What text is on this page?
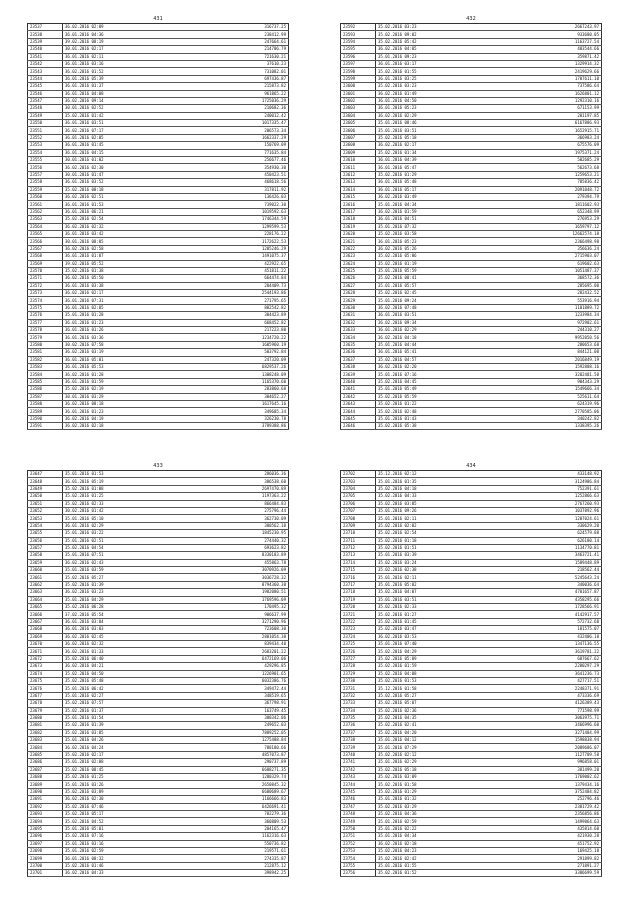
431
23537	36.02.2016 02:09	316737.25
23538	36.01.2016 04:36	238412.99
23539	39.02.2016 08:19	247664.61
23540	30.01.2016 02:17	214706.79
23541	36.01.2016 02:11	721630.21
23542	36.01.2016 03:16	37610.23
23543	36.02.2016 01:52	731082.01
23544	36.01.2016 05:39	697436.87
23545	36.01.2016 01:37	215873.82
23546	36.01.2016 04:08	961865.22
23547	36.02.2016 09:14	1725036.29
23548	30.01.2016 02:52	210682.36
23549	35.02.2016 01:42	240012.42
23550	36.01.2016 03:51	1017335.47
23551	36.02.2016 07:17	206573.34
23552	36.01.2016 02:05	1662337.29
23553	36.01.2016 01:45	150769.09
23554	36.01.2016 04:15	771635.84
23555	30.01.2016 01:02	256677.46
23556	36.02.2016 02:30	354930.30
23557	30.01.2016 01:47	450423.51
23558	36.01.2016 03:52	468618.56
23559	35.02.2016 08:18	317811.92
23560	36.02.2016 02:51	136426.03
23561	36.01.2016 01:53	739022.30
23562	36.01.2016 06:21	1019592.63
23563	35.02.2016 02:54	1746344.59
23564	36.02.2016 02:32	1299599.53
23565	36.01.2016 03:42	228176.22
23566	30.01.2016 08:05	1172622.53
23567	36.02.2016 02:58	1205246.29
23568	36.01.2016 01:07	1491075.37
23569	39.02.2016 05:52	422922.65
23570	35.02.2016 01:38	451811.22
23571	36.02.2016 05:50	664474.84
23572	36.01.2016 03:38	204409.73
23573	36.02.2016 02:17	2544193.86
23574	36.01.2016 07:31	271795.65
23575	36.01.2016 02:05	802542.82
23576	35.01.2016 01:28	304423.89
23577	36.01.2016 01:23	668452.82
23578	36.01.2016 01:26	217223.80
23579	36.01.2016 03:36	1234720.22
23580	30.02.2016 07:58	1605960.19
23581	36.02.2016 03:19	503792.84
23582	36.01.2016 05:01	247320.09
23583	36.01.2016 05:53	6829537.26
23584	36.02.2016 01:28	1308248.09
23585	36.01.2016 01:59	1165370.60
23586	35.02.2016 02:19	283860.68
23587	30.01.2016 03:29	304652.27
23588	36.02.2016 08:18	1617645.16
23589	36.01.2016 01:23	349605.34
23590	36.02.2016 04:19	326230.78
23591	36.02.2016 02:18	3789388.86
432
23592	35.02.2016 03:23	2667243.97
23593	35.02.2016 09:02	933680.05
23594	35.02.2016 05:42	1163727.54
23595	36.02.2016 04:05	403544.66
23596	35.01.2016 09:23	359871.42
23597	36.01.2016 03:17	1329914.32
23598	35.02.2016 01:55	2419629.66
23599	36.01.2016 03:25	1707611.10
23600	35.02.2016 03:23	737586.64
23601	36.02.2016 01:49	1626801.12
23602	36.01.2016 04:50	1292310.16
23603	36.01.2016 05:23	671153.99
23604	36.02.2016 02:29	201197.85
23605	35.01.2016 08:46	6167886.93
23606	35.01.2016 03:51	1652915.71
23607	35.02.2016 05:18	366983.24
23608	36.02.2016 02:17	675576.09
23609	35.02.2016 01:34	1975371.24
23610	36.01.2016 04:39	502685.29
23611	36.01.2016 05:47	562673.68
23612	35.02.2016 01:29	1259653.21
23613	36.01.2016 05:48	785836.42
23614	36.01.2016 05:17	2091048.72
23615	36.02.2016 03:49	279394.79
23616	35.01.2016 04:34	1811602.93
23617	36.02.2016 01:59	652348.99
23618	36.01.2016 04:51	276953.29
23619	35.01.2016 07:32	1659797.12
23620	35.02.2016 03:58	12662574.18
23621	36.01.2016 05:23	2366498.98
23622	36.02.2016 05:26	356636.24
23623	35.02.2016 05:06	2715903.07
23624	35.02.2016 01:19	619602.63
23625	35.01.2016 05:59	1051487.37
23626	35.02.2016 08:41	368572.36
23627	35.01.2016 05:57	285695.00
23628	35.02.2016 02:45	282432.52
23629	35.01.2016 09:24	553916.94
23630	36.02.2016 07:48	1101889.72
23631	36.01.2016 03:51	1233984.34
23632	36.02.2016 09:34	972902.61
23633	36.01.2016 02:29	244310.27
23634	36.02.2016 04:18	9952050.56
23635	35.01.2016 04:44	280653.68
23636	36.01.2016 05:41	844121.00
23637	35.02.2016 04:57	2016849.19
23638	36.02.2016 02:20	1592808.16
23639	35.01.2016 07:16	3202481.50
23640	35.02.2016 04:45	904343.29
23641	35.01.2016 05:49	1549666.34
23642	35.02.2016 05:59	525611.64
23643	35.02.2016 01:22	624319.96
23644	35.02.2016 02:48	2770585.06
23645	35.01.2016 01:43	340242.82
23646	35.02.2016 05:38	1338395.26
433
23647	35.01.2016 01:53	286036.36
23648	36.01.2016 05:19	386538.60
23649	35.02.2016 01:08	2697470.89
23650	35.02.2016 01:25	1197363.22
23651	35.02.2016 02:33	866484.83
23652	30.02.2016 01:42	275796.44
23653	35.01.2016 05:10	362730.09
23654	36.01.2016 02:29	380562.10
23655	35.01.2016 03:22	1845230.95
23656	35.01.2016 02:51	274440.32
23657	35.02.2016 04:54	693623.82
23658	35.01.2016 07:51	8330183.89
23659	36.02.2016 02:43	455863.78
23660	35.01.2016 03:59	3070926.09
23661	35.02.2016 05:27	3036728.32
23662	35.02.2016 01:39	8794360.30
23663	36.02.2016 03:23	1982080.51
23664	35.01.2016 04:29	1769596.09
23665	35.02.2016 06:28	170495.32
23666	37.02.2016 05:54	906637.99
23667	36.01.2016 03:04	3271290.96
23668	36.01.2016 03:03	723608.30
23669	36.02.2016 02:45	2801054.38
23670	36.02.2016 02:32	839434.40
23671	36.02.2016 01:33	2683201.22
23672	35.02.2016 06:40	6472169.06
23673	36.02.2016 04:21	429296.85
23674	35.02.2016 04:50	1226901.65
23675	35.02.2016 05:48	6032386.76
23676	35.01.2016 06:42	349472.44
23677	35.01.2016 02:27	348519.65
23678	35.02.2016 07:57	367798.91
23679	35.02.2016 01:37	163749.45
23680	35.01.2016 01:54	380342.06
23681	35.02.2016 01:39	249652.03
23682	35.02.2016 03:05	7889252.05
23683	35.01.2016 04:26	1275488.84
23684	36.02.2016 04:24	708180.66
23685	35.02.2016 02:17	4857073.87
23686	35.01.2016 02:08	290737.89
23687	35.02.2016 08:45	6688271.35
23688	35.02.2016 01:25	1280329.74
23689	35.01.2016 03:26	2650845.32
23690	35.02.2016 03:09	6680689.67
23691	36.02.2016 02:30	1166666.83
23692	35.02.2016 07:46	6426691.41
23693	35.02.2016 05:17	702279.36
23694	35.02.2016 04:52	360809.53
23695	35.01.2016 05:01	204165.47
23696	35.02.2016 07:16	1162316.63
23697	35.01.2016 03:16	550736.82
23698	35.01.2016 02:59	219571.61
23699	36.01.2016 08:32	274335.87
23700	35.02.2016 01:46	212875.12
23701	36.02.2016 04:33	398942.25
434
23702	35.12.2016 02:12	433148.92
23703	35.01.2016 01:35	3124986.84
23704	35.02.2016 04:18	752391.61
23705	35.02.2016 04:33	1252866.63
23706	35.02.2016 03:05	2767260.93
23707	35.01.2016 09:26	1037892.96
23708	35.01.2016 02:11	1207024.61
23709	35.02.2016 02:02	330629.20
23710	35.02.2016 02:54	624579.88
23711	35.02.2016 01:18	626180.14
23712	35.02.2016 01:51	1134770.81
23713	35.01.2016 03:39	3463721.41
23714	35.02.2016 03:24	1589448.89
23715	35.02.2016 02:38	218562.44
23716	35.01.2016 02:11	5245643.24
23717	35.01.2016 05:02	340036.64
23718	35.02.2016 04:07	4701657.87
23719	35.01.2016 03:51	4358295.66
23720	35.02.2016 02:33	1728566.91
23721	35.02.2016 01:27	4142917.57
23722	35.02.2016 01:45	572732.68
23723	35.02.2016 03:47	181575.07
23724	36.02.2016 03:53	432406.18
23725	35.01.2016 07:40	1347136.55
23726	35.02.2016 04:29	3619781.22
23727	35.02.2016 05:09	687667.62
23728	35.02.2016 01:59	2280297.29
23729	35.02.2016 04:08	3641236.73
23730	35.02.2016 01:53	427717.51
23731	35.12.2016 01:58	2248371.91
23732	35.02.2016 05:27	473336.69
23733	35.02.2016 05:07	4126389.43
23734	35.02.2016 02:36	771598.99
23735	35.02.2016 04:35	3063975.71
23736	35.02.2016 02:41	3466996.60
23737	35.02.2016 04:20	3271484.99
23738	35.01.2016 04:12	1598838.94
23739	35.01.2016 07:29	2089686.07
23740	35.02.2016 02:12	1127709.58
23741	35.01.2016 02:29	996858.01
23742	35.02.2016 05:18	381499.20
23743	35.02.2016 03:09	1769002.62
23744	35.02.2016 01:58	1379434.16
23745	35.02.2016 01:29	3752484.82
23746	35.01.2016 01:32	252796.46
23747	35.02.2016 03:29	2381729.42
23748	35.02.2016 04:36	2356856.86
23749	35.01.2016 02:59	1499864.63
23750	35.01.2016 02:22	435814.60
23751	35.01.2016 04:34	421930.28
23752	36.02.2016 02:18	451752.92
23753	35.02.2016 04:23	169425.18
23754	35.02.2016 02:42	291899.82
23755	35.01.2016 01:55	271891.27
23756	35.02.2016 01:52	3386699.59
